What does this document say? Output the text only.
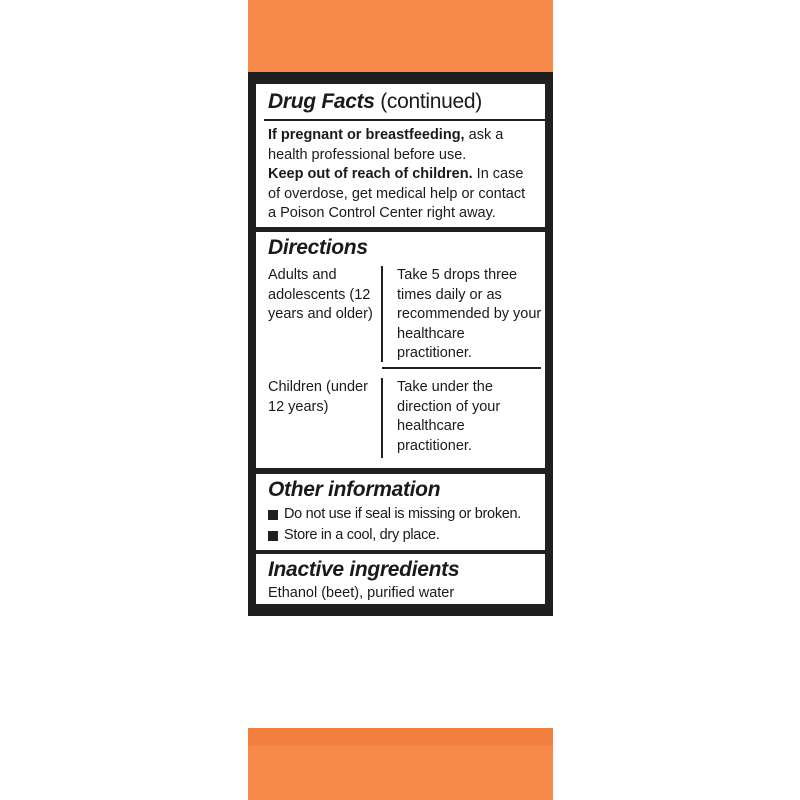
Drug Facts (continued)
If pregnant or breastfeeding, ask a health professional before use.
Keep out of reach of children. In case of overdose, get medical help or contact a Poison Control Center right away.
Directions
Adults and adolescents (12 years and older)
Take 5 drops three times daily or as recommended by your healthcare practitioner.
Children (under 12 years)
Take under the direction of your healthcare practitioner.
Other information
Do not use if seal is missing or broken.
Store in a cool, dry place.
Inactive ingredients
Ethanol (beet), purified water
